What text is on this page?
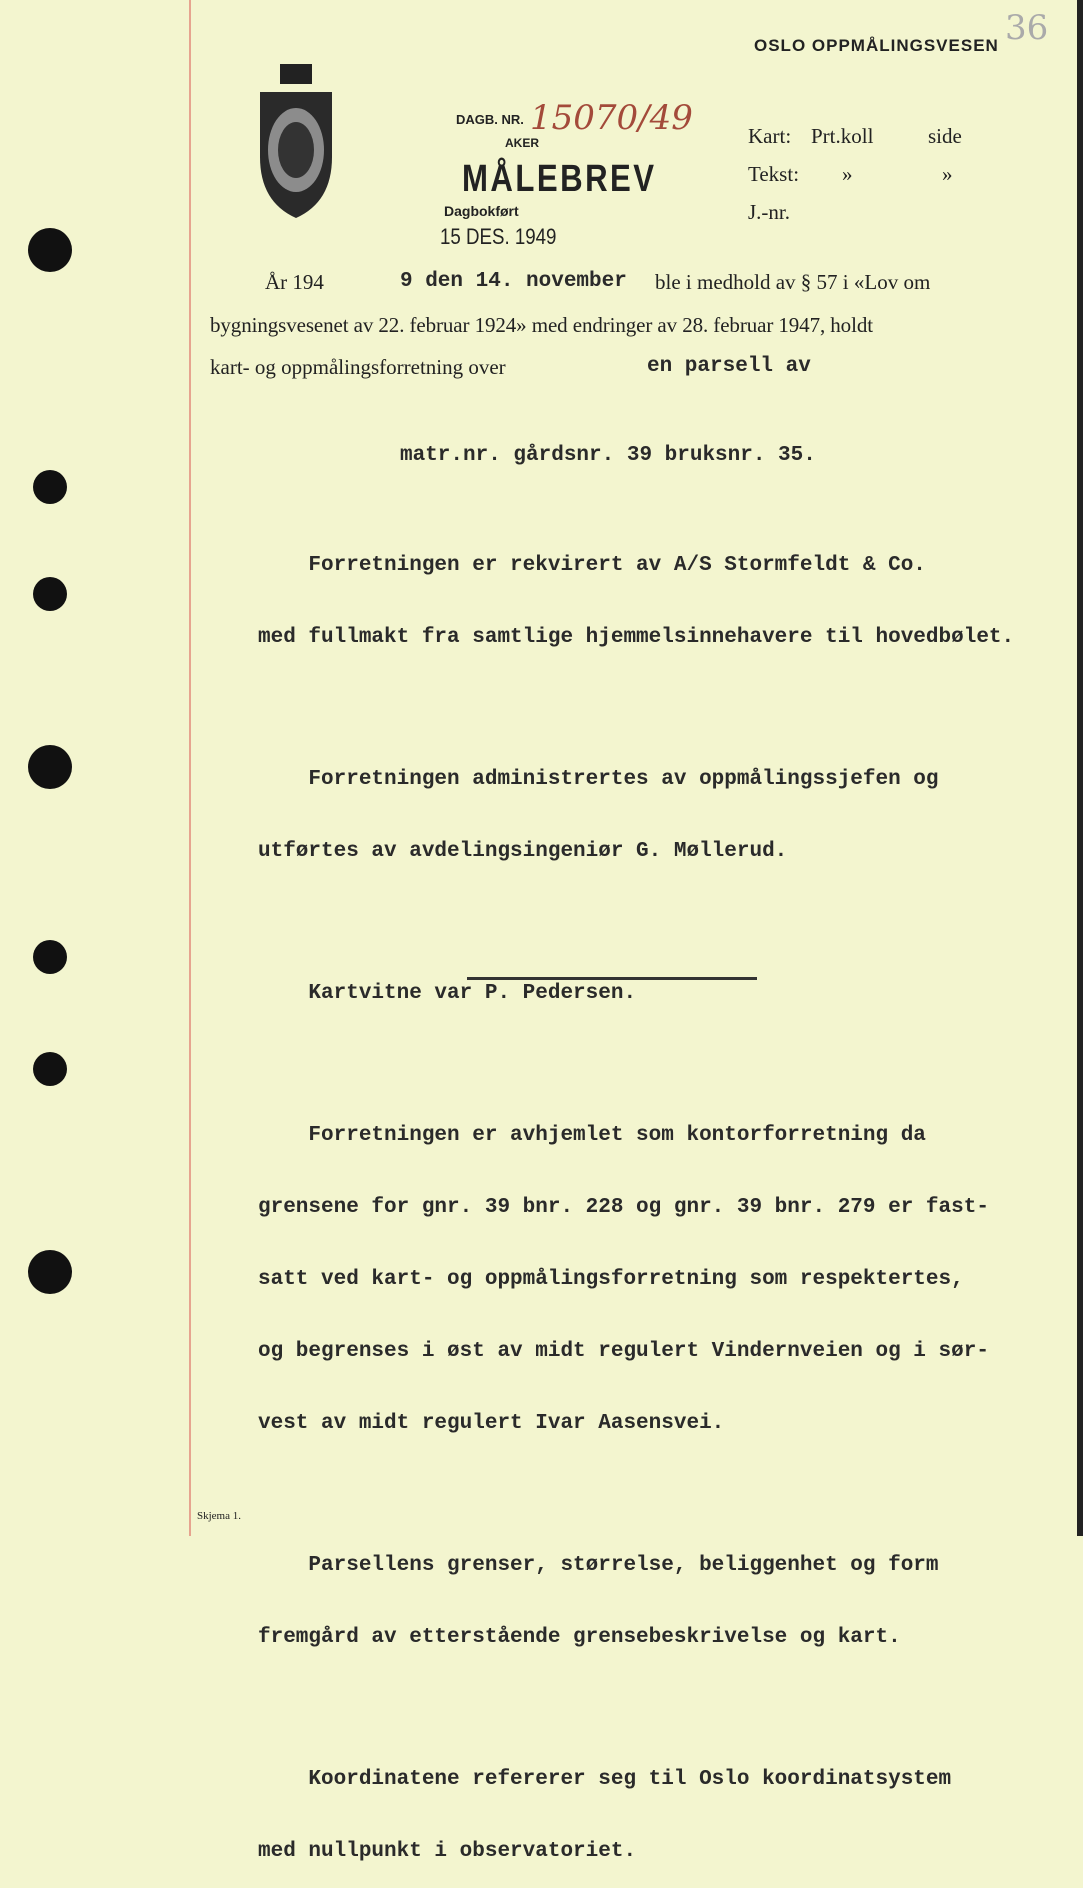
36
OSLO OPPMÅLINGSVESEN
DAGB. NR. 15070/49
AKER
MÅLEBREV
Dagbokført
15 DES. 1949
Kart: Prt.koll	side
Tekst: »	»
J.-nr.
År 194	9 den 14. november ble i medhold av § 57 i «Lov om
bygningsvesenet av 22. februar 1924» med endringer av 28. februar 1947, holdt
kart- og oppmålingsforretning over	en parsell av
matr.nr. gårdsnr. 39 bruksnr. 35.

Forretningen er rekvirert av A/S Stormfeldt & Co.

med fullmakt fra samtlige hjemmelsinnehavere til hovedbølet.

Forretningen administrertes av oppmålingssjefen og

utførtes av avdelingsingeniør G. Møllerud.

Kartvitne var P. Pedersen.

Forretningen er avhjemlet som kontorforretning da

grensene for gnr. 39 bnr. 228 og gnr. 39 bnr. 279 er fast-

satt ved kart- og oppmålingsforretning som respektertes,

og begrenses i øst av midt regulert Vindernveien og i sør-

vest av midt regulert Ivar Aasensvei.

Parsellens grenser, størrelse, beliggenhet og form

fremgård av etterstående grensebeskrivelse og kart.

Koordinatene refererer seg til Oslo koordinatsystem

med nullpunkt i observatoriet.

Skjema 1.
